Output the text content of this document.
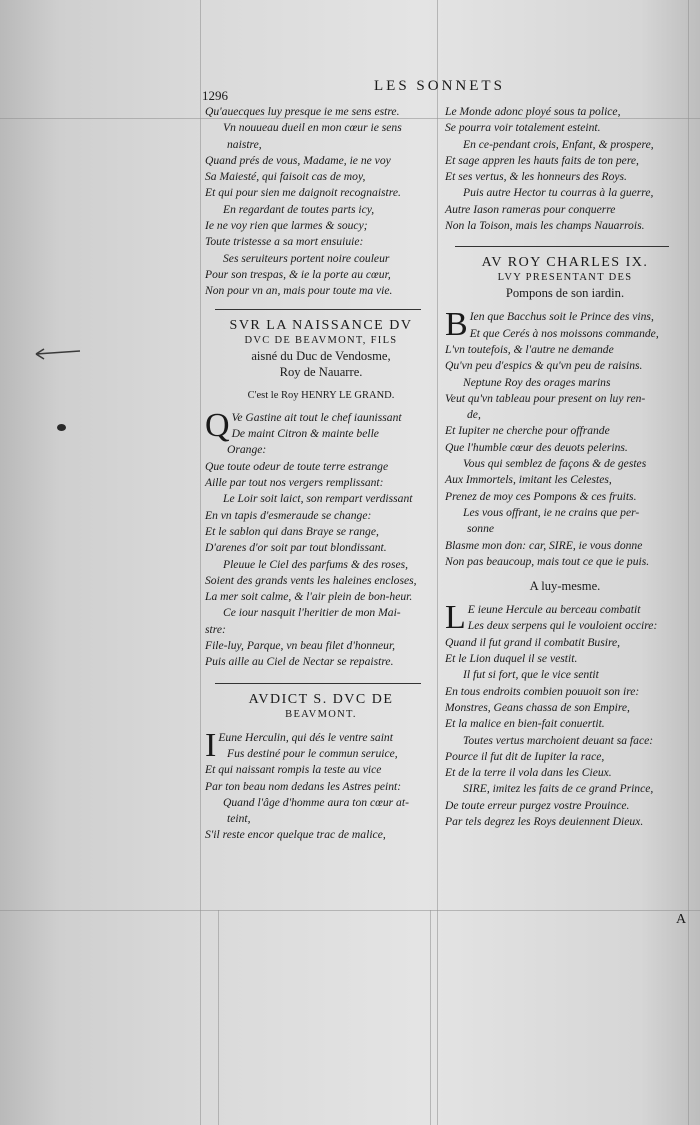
1296
LES SONNETS
Qu'auecques luy presque ie me sens estre.
Vn nouueau dueil en mon cœur ie sens
naistre,
Quand prés de vous, Madame, ie ne voy
Sa Maiesté, qui faisoit cas de moy,
Et qui pour sien me daignoit recognaistre.
En regardant de toutes parts icy,
Ie ne voy rien que larmes & soucy;
Toute tristesse a sa mort ensuiuie:
Ses seruiteurs portent noire couleur
Pour son trespas, & ie la porte au cœur,
Non pour vn an, mais pour toute ma vie.
SVR LA NAISSANCE DV
DVC DE BEAVMONT, FILS
aisné du Duc de Vendosme,
Roy de Nauarre.
C'est le Roy HENRY LE GRAND.
Q Ve Gastine ait tout le chef iaunissant
De maint Citron & mainte belle
Orange:
Que toute odeur de toute terre estrange
Aille par tout nos vergers remplissant:
Le Loir soit laict, son rempart verdissant
En vn tapis d'esmeraude se change:
Et le sablon qui dans Braye se range,
D'arenes d'or soit par tout blondissant.
Pleuue le Ciel des parfums & des roses,
Soient des grands vents les haleines encloses,
La mer soit calme, & l'air plein de bon-heur.
Ce iour nasquit l'heritier de mon Mai-
stre:
File-luy, Parque, vn beau filet d'honneur,
Puis aille au Ciel de Nectar se repaistre.
AVDICT S. DVC DE
BEAVMONT.
I Eune Herculin, qui dés le ventre saint
Fus destiné pour le commun seruice,
Et qui naissant rompis la teste au vice
Par ton beau nom dedans les Astres peint:
Quand l'âge d'homme aura ton cœur at-
teint,
S'il reste encor quelque trac de malice,
Le Monde adonc ployé sous ta police,
Se pourra voir totalement esteint.
En ce-pendant crois, Enfant, & prospere,
Et sage appren les hauts faits de ton pere,
Et ses vertus, & les honneurs des Roys.
Puis autre Hector tu courras à la guerre,
Autre Iason rameras pour conquerre
Non la Toison, mais les champs Nauarrois.
AV ROY CHARLES IX.
LVY PRESENTANT DES
Pompons de son iardin.
B Ien que Bacchus soit le Prince des vins,
Et que Cerés à nos moissons commande,
L'vn toutefois, & l'autre ne demande
Qu'vn peu d'espics & qu'vn peu de raisins.
Neptune Roy des orages marins
Veut qu'vn tableau pour present on luy ren-
de,
Et Iupiter ne cherche pour offrande
Que l'humble cœur des deuots pelerins.
Vous qui semblez de façons & de gestes
Aux Immortels, imitant les Celestes,
Prenez de moy ces Pompons & ces fruits.
Les vous offrant, ie ne crains que per-
sonne
Blasme mon don: car, SIRE, ie vous donne
Non pas beaucoup, mais tout ce que ie puis.
A luy-mesme.
L E ieune Hercule au berceau combatit
Les deux serpens qui le vouloient occire:
Quand il fut grand il combatit Busire,
Et le Lion duquel il se vestit.
Il fut si fort, que le vice sentit
En tous endroits combien pouuoit son ire:
Monstres, Geans chassa de son Empire,
Et la malice en bien-fait conuertit.
Toutes vertus marchoient deuant sa face:
Pource il fut dit de Iupiter la race,
Et de la terre il vola dans les Cieux.
SIRE, imitez les faits de ce grand Prince,
De toute erreur purgez vostre Prouince.
Par tels degrez les Roys deuiennent Dieux.
A
